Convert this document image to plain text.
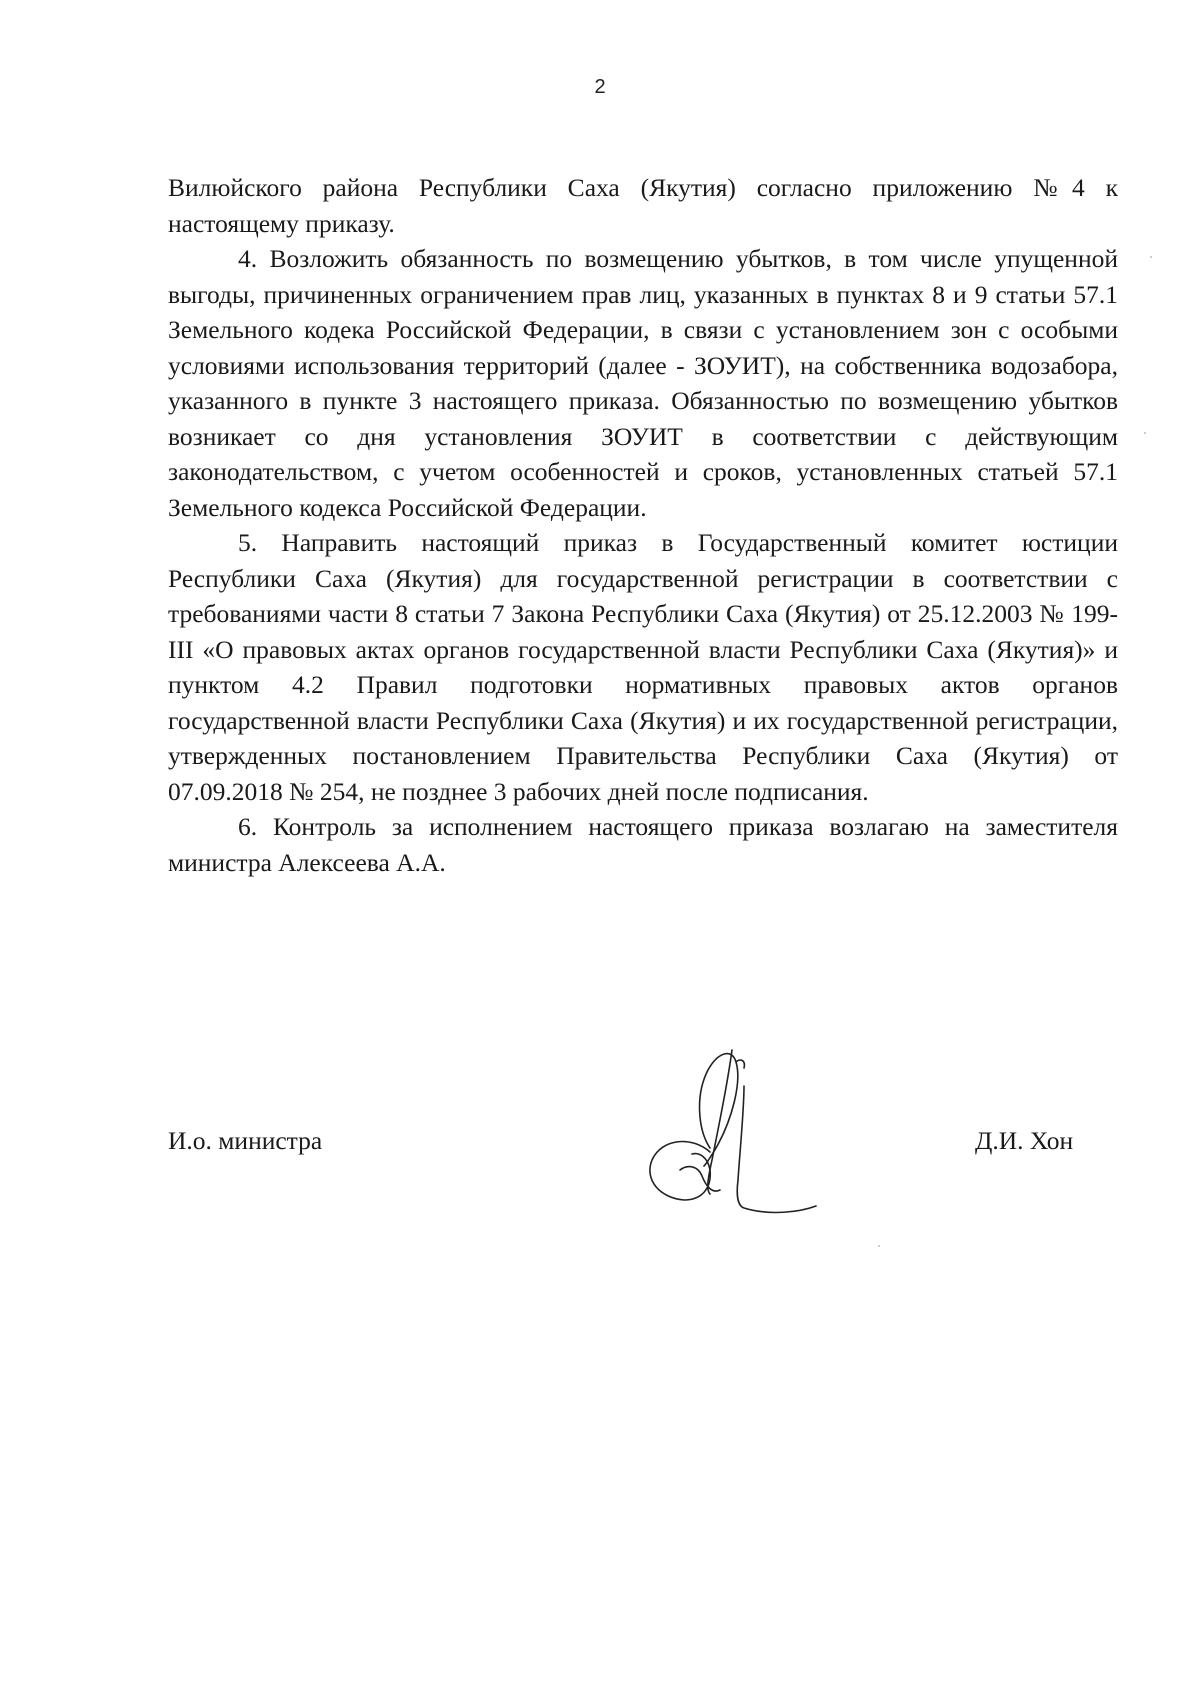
2

Вилюйского района Республики Саха (Якутия) согласно приложению №4 к настоящему приказу.

4. Возложить обязанность по возмещению убытков, в том числе упущенной выгоды, причиненных ограничением прав лиц, указанных в пунктах 8 и 9 статьи 57.1 Земельного кодека Российской Федерации, в связи с установлением зон с особыми условиями использования территорий (далее - ЗОУИТ), на собственника водозабора, указанного в пункте 3 настоящего приказа. Обязанностью по возмещению убытков возникает со дня установления ЗОУИТ в соответствии с действующим законодательством, с учетом особенностей и сроков, установленных статьей 57.1 Земельного кодекса Российской Федерации.

5. Направить настоящий приказ в Государственный комитет юстиции Республики Саха (Якутия) для государственной регистрации в соответствии с требованиями части 8 статьи 7 Закона Республики Саха (Якутия) от 25.12.2003 № 199-III «О правовых актах органов государственной власти Республики Саха (Якутия)» и пунктом 4.2 Правил подготовки нормативных правовых актов органов государственной власти Республики Саха (Якутия) и их государственной регистрации, утвержденных постановлением Правительства Республики Саха (Якутия) от 07.09.2018 № 254, не позднее 3 рабочих дней после подписания.

6. Контроль за исполнением настоящего приказа возлагаю на заместителя министра Алексеева А.А.

И.о. министра	Д.И. Хон
